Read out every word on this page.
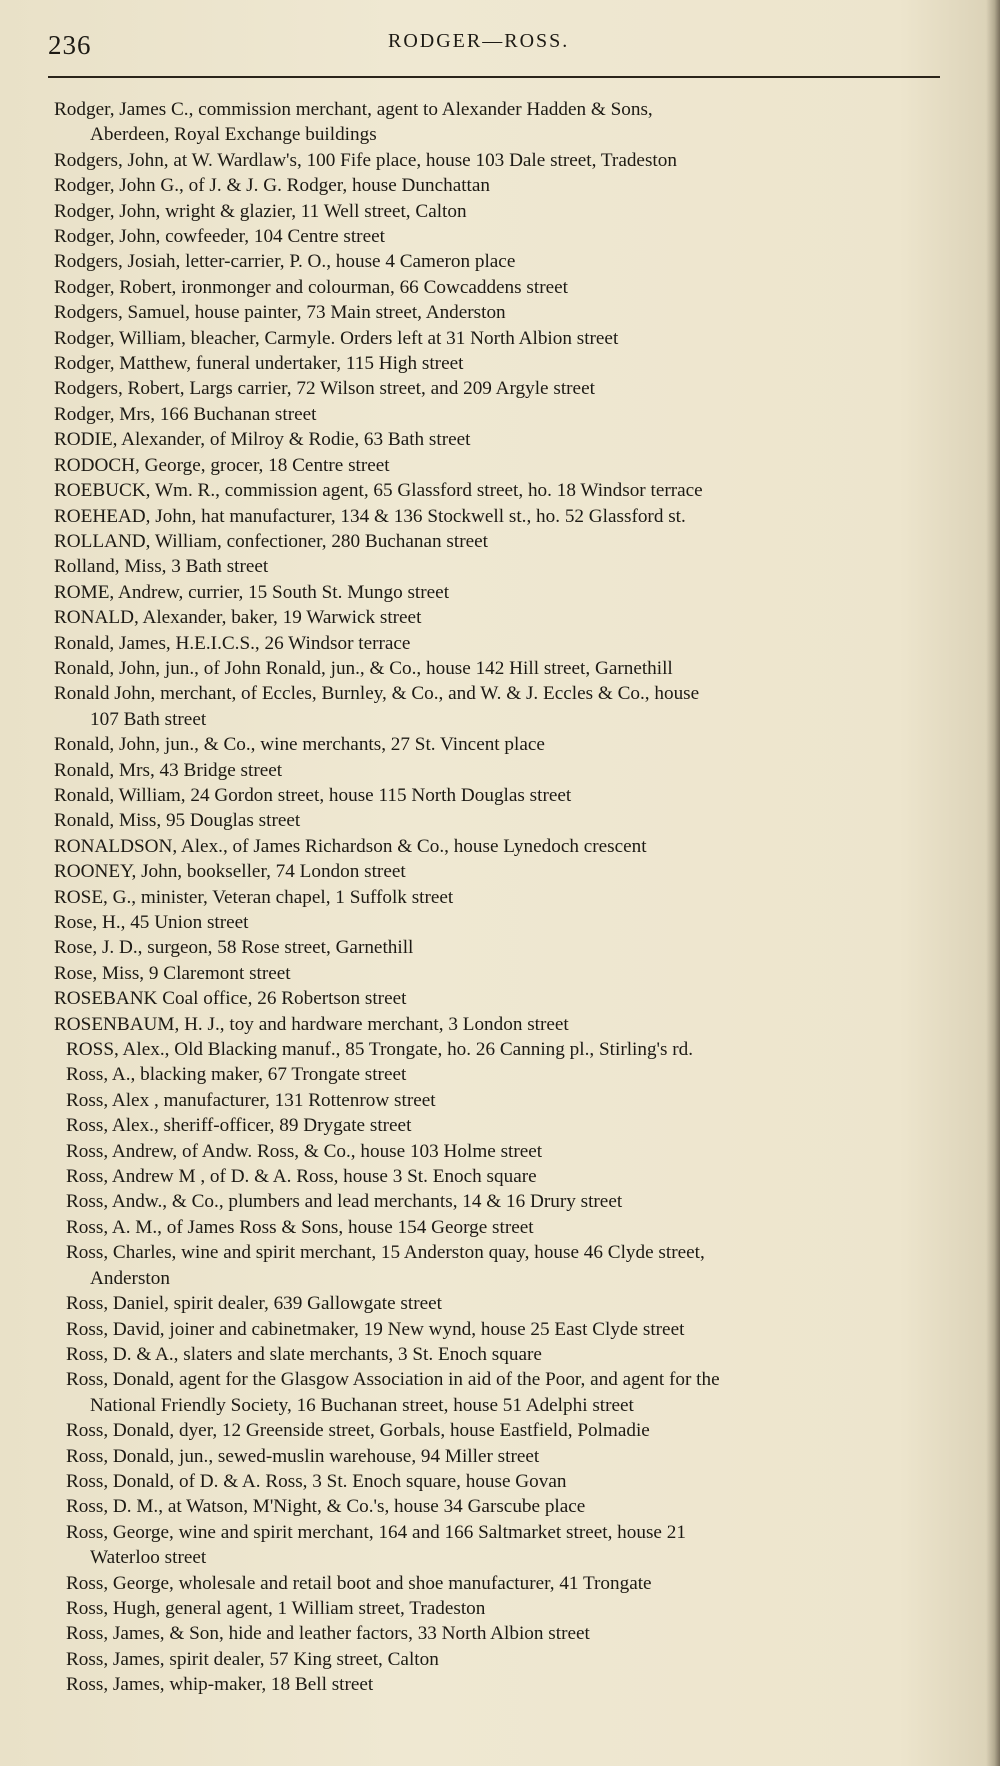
236	RODGER—ROSS.
Rodger, James C., commission merchant, agent to Alexander Hadden & Sons,
Aberdeen, Royal Exchange buildings
Rodgers, John, at W. Wardlaw's, 100 Fife place, house 103 Dale street, Tradeston
Rodger, John G., of J. & J. G. Rodger, house Dunchattan
Rodger, John, wright & glazier, 11 Well street, Calton
Rodger, John, cowfeeder, 104 Centre street
Rodgers, Josiah, letter-carrier, P. O., house 4 Cameron place
Rodger, Robert, ironmonger and colourman, 66 Cowcaddens street
Rodgers, Samuel, house painter, 73 Main street, Anderston
Rodger, William, bleacher, Carmyle. Orders left at 31 North Albion street
Rodger, Matthew, funeral undertaker, 115 High street
Rodgers, Robert, Largs carrier, 72 Wilson street, and 209 Argyle street
Rodger, Mrs, 166 Buchanan street
RODIE, Alexander, of Milroy & Rodie, 63 Bath street
RODOCH, George, grocer, 18 Centre street
ROEBUCK, Wm. R., commission agent, 65 Glassford street, ho. 18 Windsor terrace
ROEHEAD, John, hat manufacturer, 134 & 136 Stockwell st., ho. 52 Glassford st.
ROLLAND, William, confectioner, 280 Buchanan street
Rolland, Miss, 3 Bath street
ROME, Andrew, currier, 15 South St. Mungo street
RONALD, Alexander, baker, 19 Warwick street
Ronald, James, H.E.I.C.S., 26 Windsor terrace
Ronald, John, jun., of John Ronald, jun., & Co., house 142 Hill street, Garnethill
Ronald John, merchant, of Eccles, Burnley, & Co., and W. & J. Eccles & Co., house
107 Bath street
Ronald, John, jun., & Co., wine merchants, 27 St. Vincent place
Ronald, Mrs, 43 Bridge street
Ronald, William, 24 Gordon street, house 115 North Douglas street
Ronald, Miss, 95 Douglas street
RONALDSON, Alex., of James Richardson & Co., house Lynedoch crescent
ROONEY, John, bookseller, 74 London street
ROSE, G., minister, Veteran chapel, 1 Suffolk street
Rose, H., 45 Union street
Rose, J. D., surgeon, 58 Rose street, Garnethill
Rose, Miss, 9 Claremont street
ROSEBANK Coal office, 26 Robertson street
ROSENBAUM, H. J., toy and hardware merchant, 3 London street
ROSS, Alex., Old Blacking manuf., 85 Trongate, ho. 26 Canning pl., Stirling's rd.
Ross, A., blacking maker, 67 Trongate street
Ross, Alex , manufacturer, 131 Rottenrow street
Ross, Alex., sheriff-officer, 89 Drygate street
Ross, Andrew, of Andw. Ross, & Co., house 103 Holme street
Ross, Andrew M , of D. & A. Ross, house 3 St. Enoch square
Ross, Andw., & Co., plumbers and lead merchants, 14 & 16 Drury street
Ross, A. M., of James Ross & Sons, house 154 George street
Ross, Charles, wine and spirit merchant, 15 Anderston quay, house 46 Clyde street,
Anderston
Ross, Daniel, spirit dealer, 639 Gallowgate street
Ross, David, joiner and cabinetmaker, 19 New wynd, house 25 East Clyde street
Ross, D. & A., slaters and slate merchants, 3 St. Enoch square
Ross, Donald, agent for the Glasgow Association in aid of the Poor, and agent for the
National Friendly Society, 16 Buchanan street, house 51 Adelphi street
Ross, Donald, dyer, 12 Greenside street, Gorbals, house Eastfield, Polmadie
Ross, Donald, jun., sewed-muslin warehouse, 94 Miller street
Ross, Donald, of D. & A. Ross, 3 St. Enoch square, house Govan
Ross, D. M., at Watson, M'Night, & Co.'s, house 34 Garscube place
Ross, George, wine and spirit merchant, 164 and 166 Saltmarket street, house 21
Waterloo street
Ross, George, wholesale and retail boot and shoe manufacturer, 41 Trongate
Ross, Hugh, general agent, 1 William street, Tradeston
Ross, James, & Son, hide and leather factors, 33 North Albion street
Ross, James, spirit dealer, 57 King street, Calton
Ross, James, whip-maker, 18 Bell street
